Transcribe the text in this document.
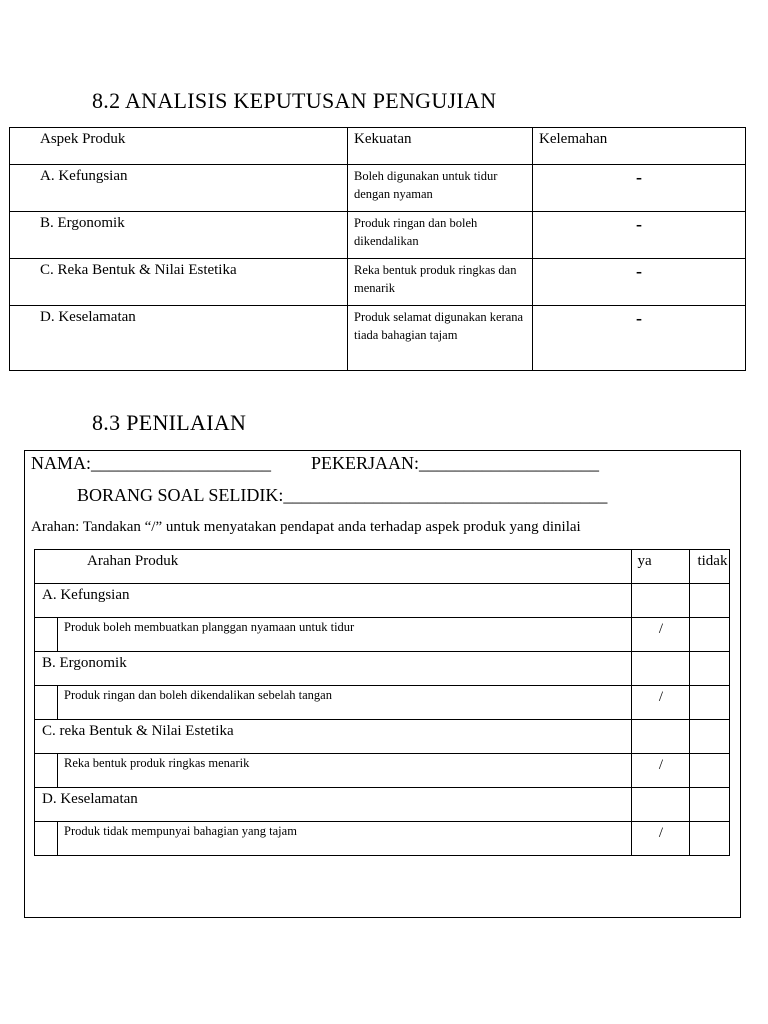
8.2 ANALISIS KEPUTUSAN PENGUJIAN
Aspek Produk	Kekuatan	Kelemahan

A. Kefungsian	Boleh digunakan untuk tidur dengan nyaman	-

B. Ergonomik	Produk ringan dan boleh dikendalikan	-

C. Reka Bentuk & Nilai Estetika	Reka bentuk produk ringkas dan menarik	-

D. Keselamatan	Produk selamat digunakan kerana tiada bahagian tajam	-
8.3 PENILAIAN
NAMA:____________________ PEKERJAAN:____________________
BORANG SOAL SELIDIK:____________________________________
Arahan: Tandakan “/” untuk menyatakan pendapat anda terhadap aspek produk yang dinilai
Arahan Produk		ya	tidak
A. Kefungsian			
	Produk boleh membuatkan planggan nyamaan untuk tidur	/	
B. Ergonomik			
	Produk ringan dan boleh dikendalikan sebelah tangan	/	
C. reka Bentuk & Nilai Estetika			
	Reka bentuk produk ringkas menarik	/	
D. Keselamatan			
	Produk tidak mempunyai bahagian yang tajam	/	
